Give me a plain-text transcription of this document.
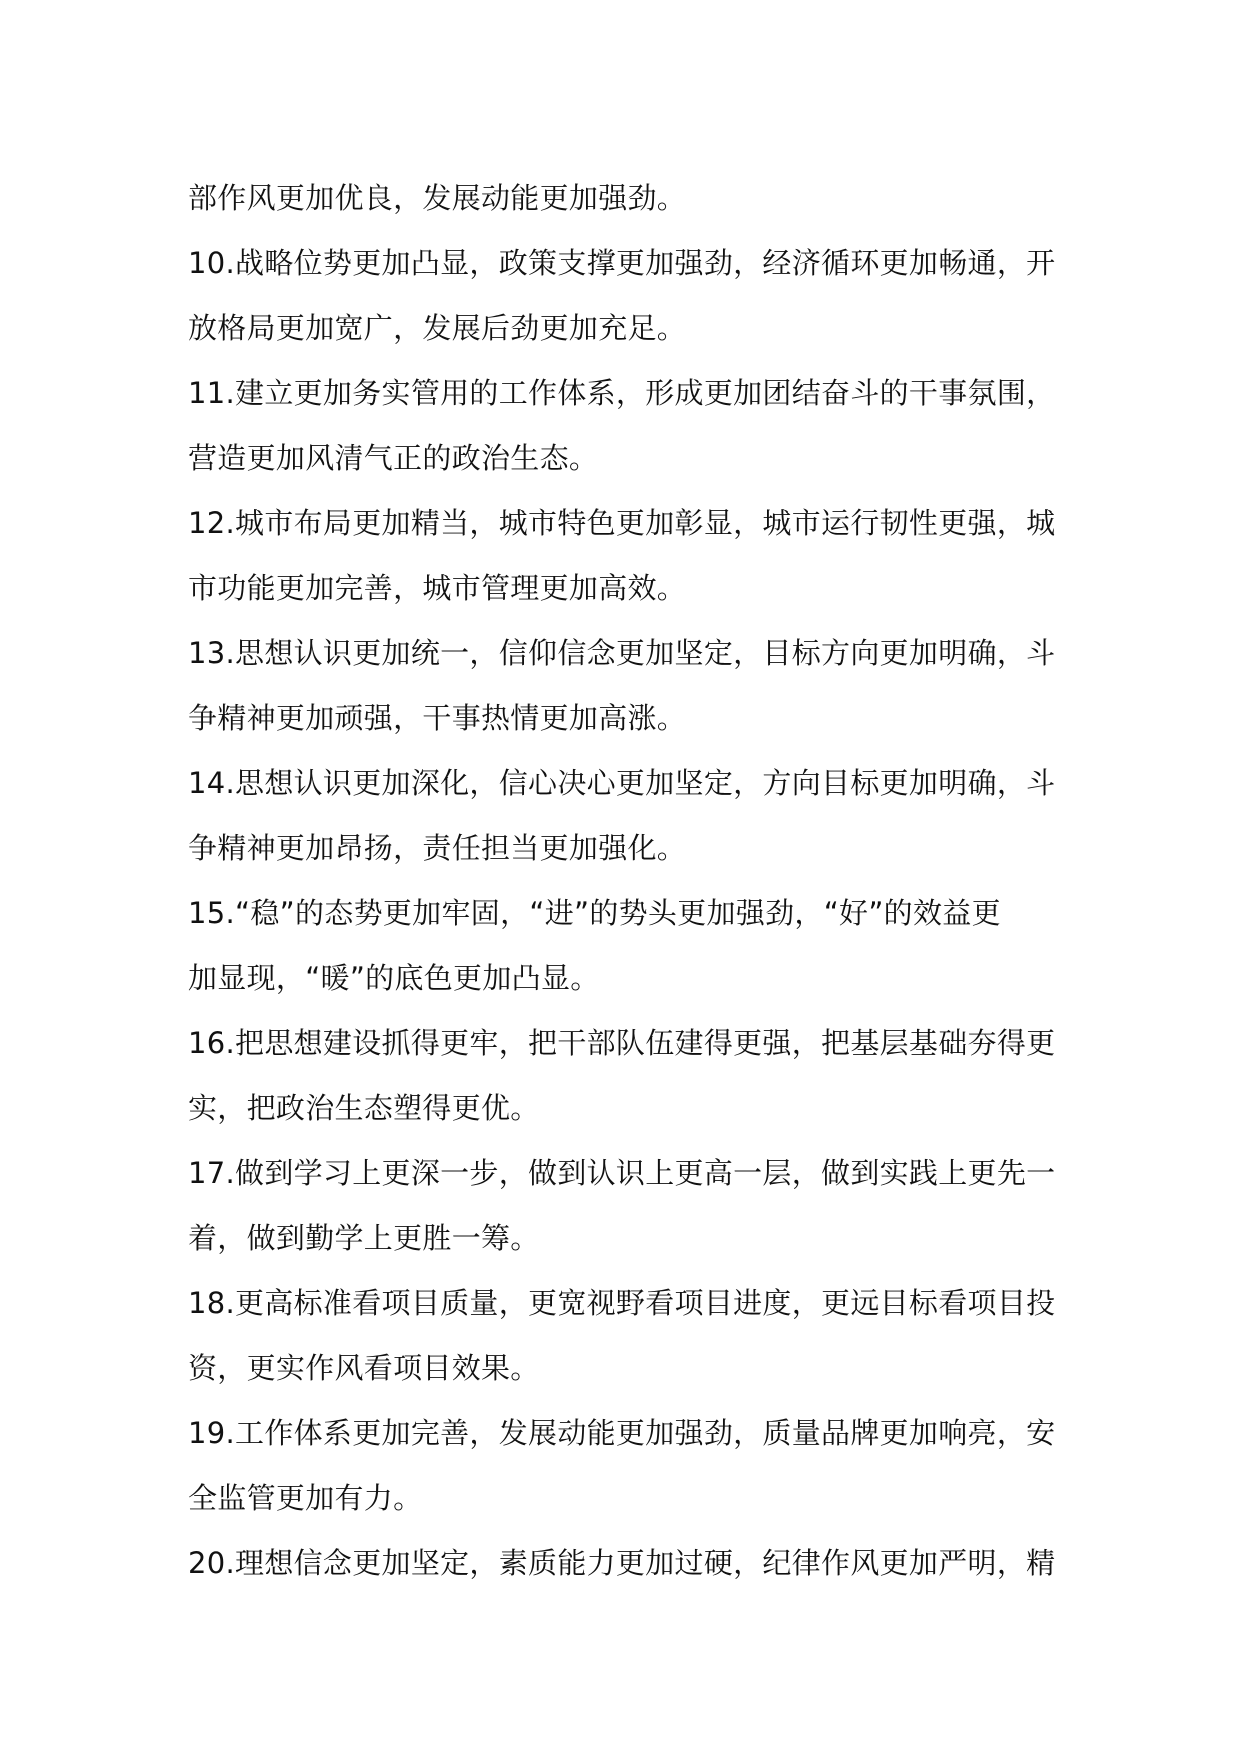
部作风更加优良，发展动能更加强劲。
10.战略位势更加凸显，政策支撑更加强劲，经济循环更加畅通，开
放格局更加宽广，发展后劲更加充足。
11.建立更加务实管用的工作体系，形成更加团结奋斗的干事氛围，
营造更加风清气正的政治生态。
12.城市布局更加精当，城市特色更加彰显，城市运行韧性更强，城
市功能更加完善，城市管理更加高效。
13.思想认识更加统一，信仰信念更加坚定，目标方向更加明确，斗
争精神更加顽强，干事热情更加高涨。
14.思想认识更加深化，信心决心更加坚定，方向目标更加明确，斗
争精神更加昂扬，责任担当更加强化。
15.“稳”的态势更加牢固，“进”的势头更加强劲，“好”的效益更
加显现，“暖”的底色更加凸显。
16.把思想建设抓得更牢，把干部队伍建得更强，把基层基础夯得更
实，把政治生态塑得更优。
17.做到学习上更深一步，做到认识上更高一层，做到实践上更先一
着，做到勤学上更胜一筹。
18.更高标准看项目质量，更宽视野看项目进度，更远目标看项目投
资，更实作风看项目效果。
19.工作体系更加完善，发展动能更加强劲，质量品牌更加响亮，安
全监管更加有力。
20.理想信念更加坚定，素质能力更加过硬，纪律作风更加严明，精
